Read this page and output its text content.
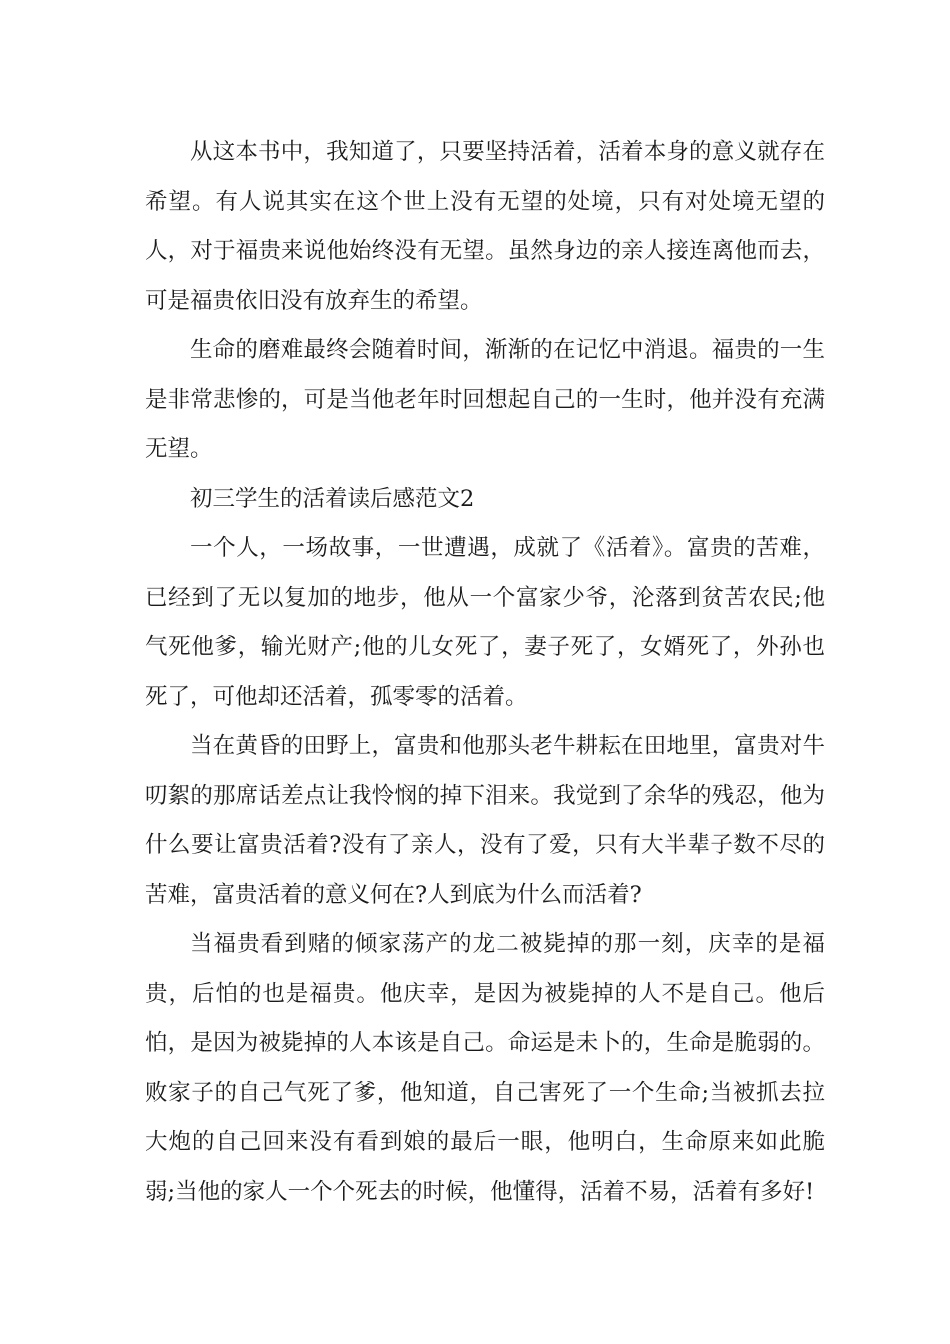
从这本书中，我知道了，只要坚持活着，活着本身的意义就存在希望。有人说其实在这个世上没有无望的处境，只有对处境无望的人，对于福贵来说他始终没有无望。虽然身边的亲人接连离他而去，可是福贵依旧没有放弃生的希望。

生命的磨难最终会随着时间，渐渐的在记忆中消退。福贵的一生是非常悲惨的，可是当他老年时回想起自己的一生时，他并没有充满无望。

初三学生的活着读后感范文2

一个人，一场故事，一世遭遇，成就了《活着》。富贵的苦难，已经到了无以复加的地步，他从一个富家少爷，沦落到贫苦农民;他气死他爹，输光财产;他的儿女死了，妻子死了，女婿死了，外孙也死了，可他却还活着，孤零零的活着。

当在黄昏的田野上，富贵和他那头老牛耕耘在田地里，富贵对牛叨絮的那席话差点让我怜悯的掉下泪来。我觉到了余华的残忍，他为什么要让富贵活着?没有了亲人，没有了爱，只有大半辈子数不尽的苦难，富贵活着的意义何在?人到底为什么而活着?

当福贵看到赌的倾家荡产的龙二被毙掉的那一刻，庆幸的是福贵，后怕的也是福贵。他庆幸，是因为被毙掉的人不是自己。他后怕，是因为被毙掉的人本该是自己。命运是未卜的，生命是脆弱的。败家子的自己气死了爹，他知道，自己害死了一个生命;当被抓去拉大炮的自己回来没有看到娘的最后一眼，他明白，生命原来如此脆弱;当他的家人一个个死去的时候，他懂得，活着不易，活着有多好!
